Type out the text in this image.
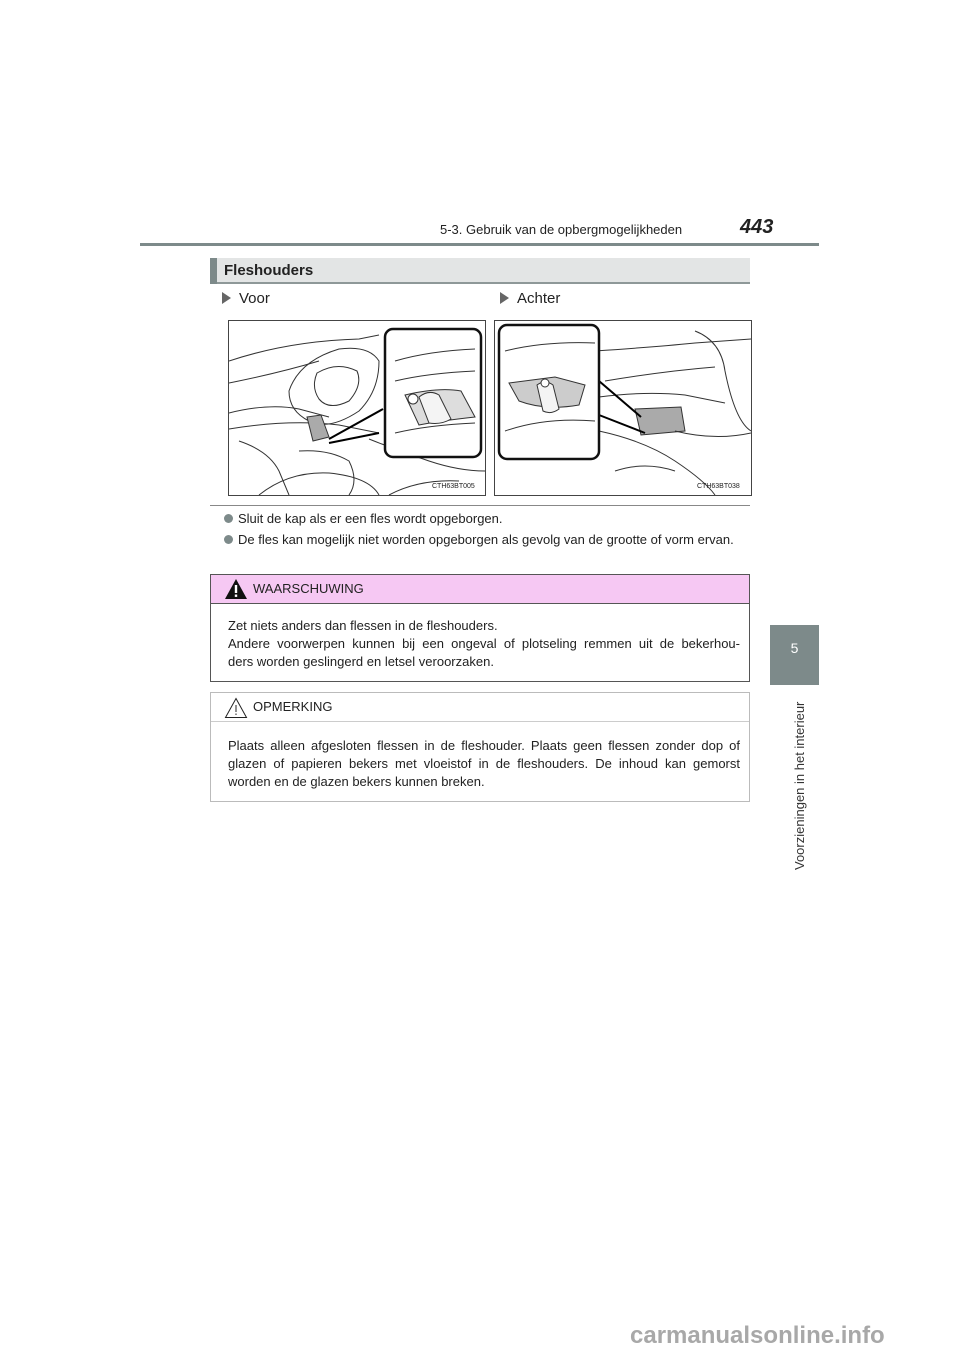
5-3. Gebruik van de opbergmogelijkheden	443
5
Voorzieningen in het interieur
Fleshouders
Voor	Achter
CTH63BT005	CTH63BT038
Sluit de kap als er een fles wordt opgeborgen.
De fles kan mogelijk niet worden opgeborgen als gevolg van de grootte of vorm ervan.
WAARSCHUWING
Zet niets anders dan flessen in de fleshouders.
Andere voorwerpen kunnen bij een ongeval of plotseling remmen uit de bekerhou-
ders worden geslingerd en letsel veroorzaken.
OPMERKING
Plaats alleen afgesloten flessen in de fleshouder. Plaats geen flessen zonder dop of
glazen of papieren bekers met vloeistof in de fleshouders. De inhoud kan gemorst
worden en de glazen bekers kunnen breken.
carmanualsonline.info
